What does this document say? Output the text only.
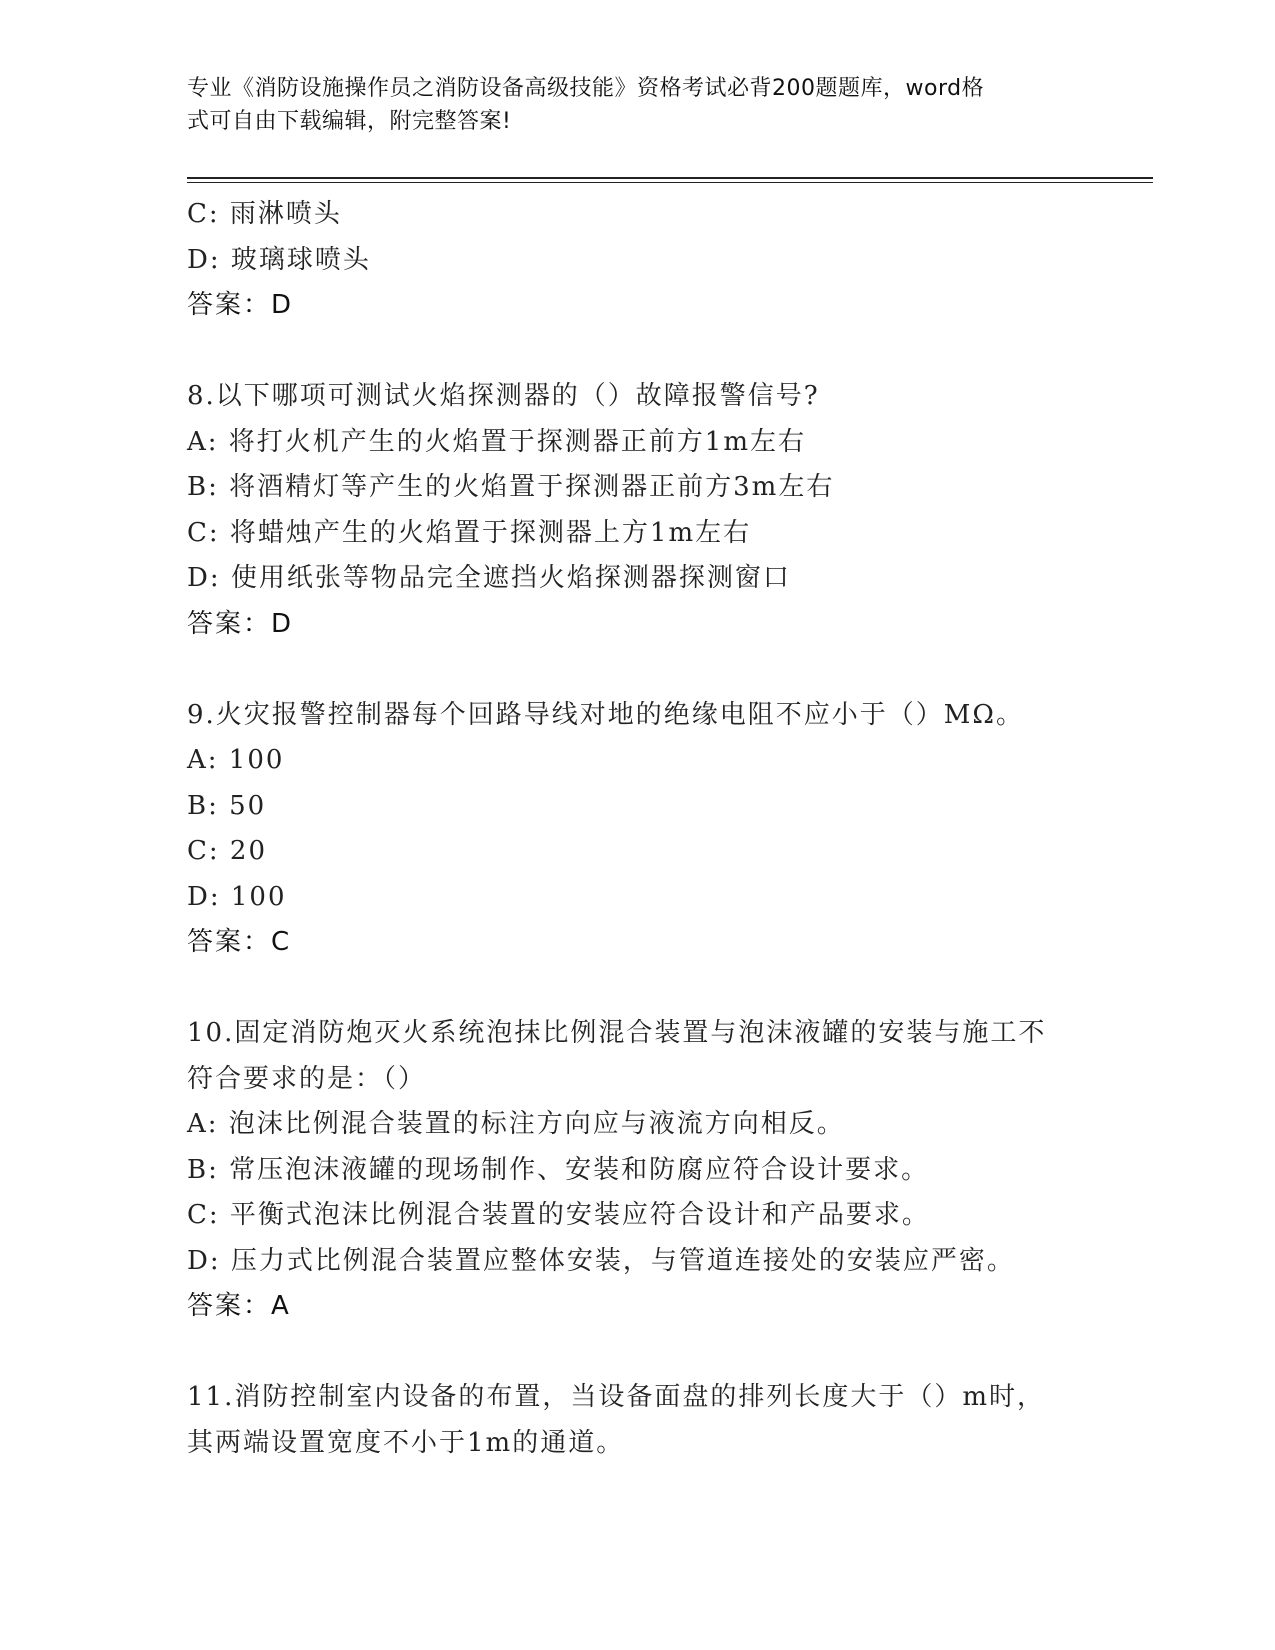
专业《消防设施操作员之消防设备高级技能》资格考试必背200题题库，word格
式可自由下载编辑，附完整答案!
C: 雨淋喷头
D: 玻璃球喷头
答案：D
8.以下哪项可测试火焰探测器的（）故障报警信号?
A: 将打火机产生的火焰置于探测器正前方1m左右
B: 将酒精灯等产生的火焰置于探测器正前方3m左右
C: 将蜡烛产生的火焰置于探测器上方1m左右
D: 使用纸张等物品完全遮挡火焰探测器探测窗口
答案：D
9.火灾报警控制器每个回路导线对地的绝缘电阻不应小于（）MΩ。
A: 100
B: 50
C: 20
D: 100
答案：C
10.固定消防炮灭火系统泡抹比例混合装置与泡沫液罐的安装与施工不
符合要求的是：（）
A: 泡沫比例混合装置的标注方向应与液流方向相反。
B: 常压泡沫液罐的现场制作、安装和防腐应符合设计要求。
C: 平衡式泡沫比例混合装置的安装应符合设计和产品要求。
D: 压力式比例混合装置应整体安装，与管道连接处的安装应严密。
答案：A
11.消防控制室内设备的布置，当设备面盘的排列长度大于（）m时，
其两端设置宽度不小于1m的通道。
